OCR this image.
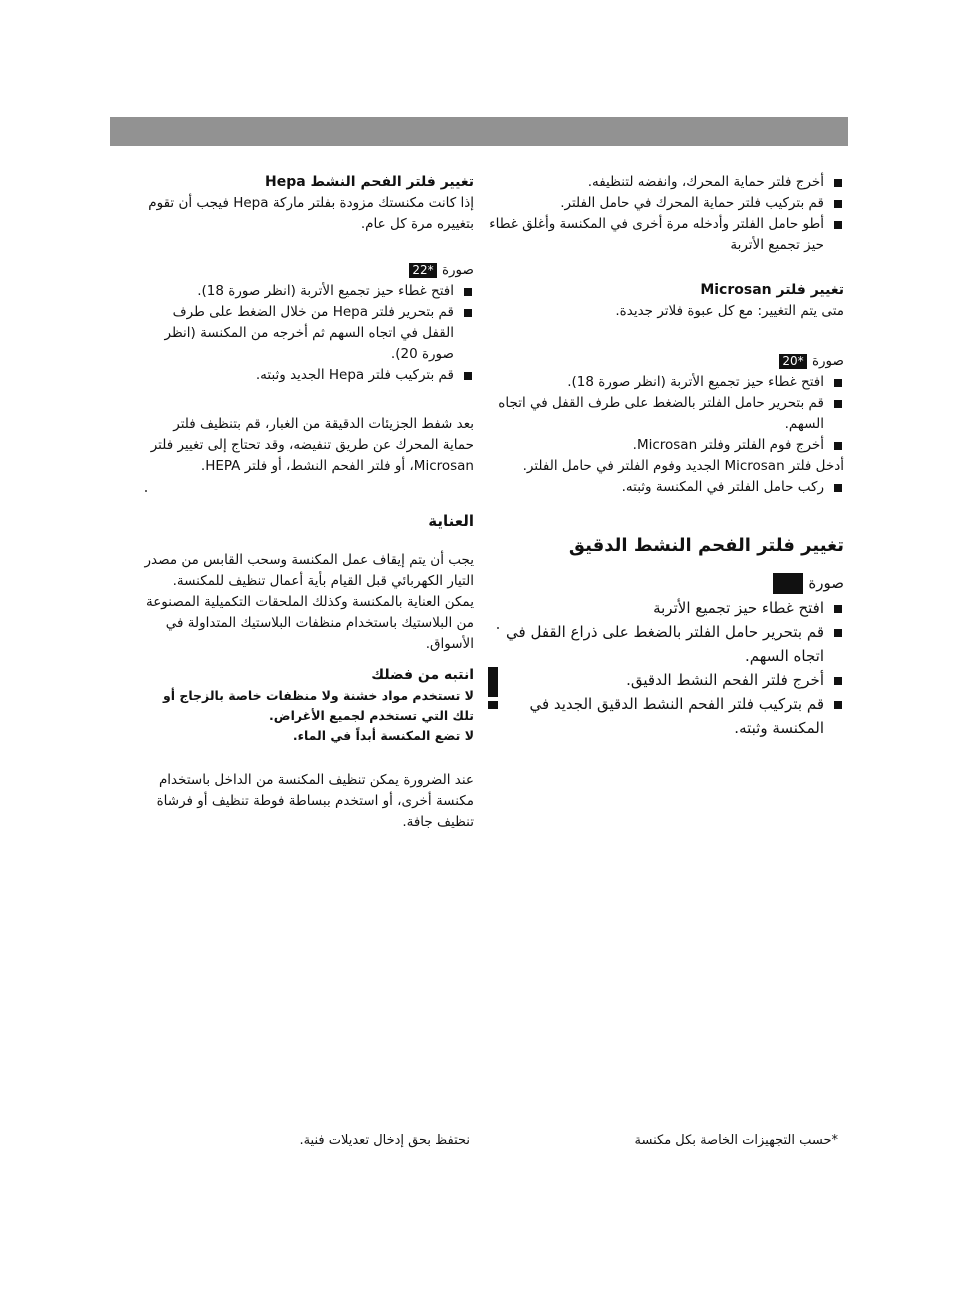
أخرج فلتر حماية المحرك، وانفضه لتنظيفه.
قم بتركيب فلتر حماية المحرك في حامل الفلتر.
أطو حامل الفلتر وأدخله مرة أخرى في المكنسة وأغلق غطاء حيز تجميع الأتربة
تغيير فلتر Microsan

متى يتم التغيير: مع كل عبوة فلاتر جديدة.

صورة
20*
افتح غطاء حيز تجميع الأتربة (انظر صورة 18).
قم بتحرير حامل الفلتر بالضغط على طرف القفل في اتجاه السهم.
أخرج فوم الفلتر وفلتر Microsan.
أدخل فلتر Microsan الجديد وفوم الفلتر في حامل الفلتر.
ركب حامل الفلتر في المكنسة وثبته.
تغيير فلتر الفحم النشط الدقيق
صورة
افتح غطاء حيز تجميع الأتربة
قم بتحرير حامل الفلتر بالضغط على ذراع القفل في اتجاه السهم.
أخرج فلتر الفحم النشط الدقيق.
قم بتركيب فلتر الفحم النشط الدقيق الجديد في المكنسة وثبته.
تغيير فلتر الفحم النشط Hepa

إذا كانت مكنستك مزودة بفلتر ماركة Hepa فيجب أن تقوم بتغييره مرة كل عام.

صورة
22*
افتح غطاء حيز تجميع الأتربة (انظر صورة 18).
قم بتحرير فلتر Hepa من خلال الضغط على طرف القفل في اتجاه السهم ثم أخرجه من المكنسة (انظر صورة 20).
قم بتركيب فلتر Hepa الجديد وثبته.

بعد شفط الجزيئات الدقيقة من الغبار، قم بتنظيف فلتر حماية المحرك عن طريق تنفيضه، وقد تحتاج إلى تغيير فلتر Microsan، أو فلتر الفحم النشط، أو فلتر HEPA.

العناية

يجب أن يتم إيقاف عمل المكنسة وسحب القابس من مصدر التيار الكهربائي قبل القيام بأية أعمال تنظيف للمكنسة.

يمكن العناية بالمكنسة وكذلك الملحقات التكميلية المصنوعة من البلاستيك باستخدام منظفات البلاستيك المتداولة في الأسواق.

انتبه من فضلك

لا تستخدم مواد خشنة ولا منظفات خاصة بالزجاج أو تلك التي تستخدم لجميع الأغراض.

لا تضع المكنسة أبداً في الماء.

عند الضرورة يمكن تنظيف المكنسة من الداخل باستخدام مكنسة أخرى، أو استخدم ببساطة فوطة تنظيف أو فرشاة تنظيف جافة.

*حسب التجهيزات الخاصة بكل مكنسة
نحتفظ بحق إدخال تعديلات فنية.
